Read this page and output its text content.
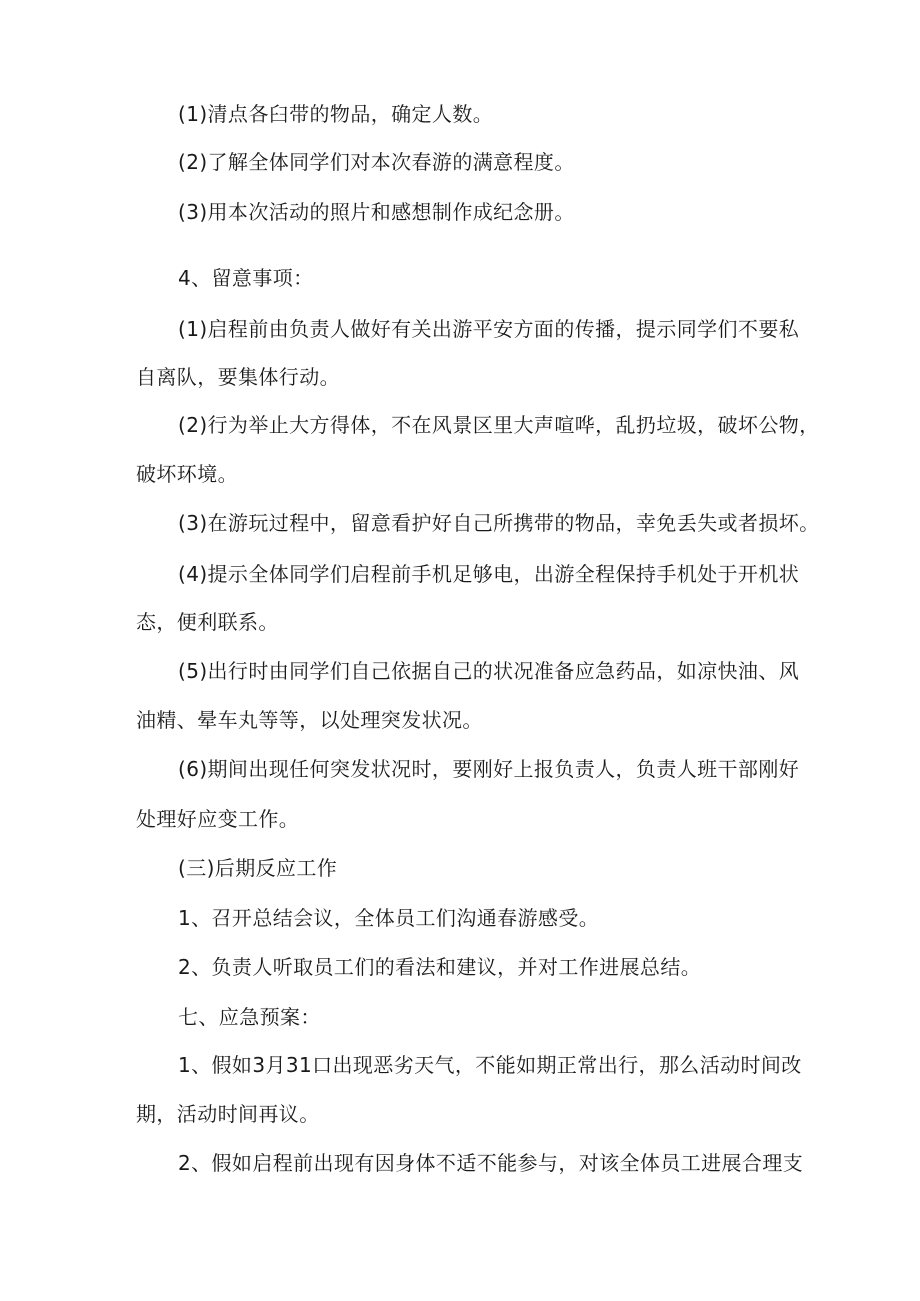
(1)清点各臼带的物品，确定人数。
(2)了解全体同学们对本次春游的满意程度。
(3)用本次活动的照片和感想制作成纪念册。
4、留意事项：
(1)启程前由负责人做好有关出游平安方面的传播，提示同学们不要私
自离队，要集体行动。
(2)行为举止大方得体，不在风景区里大声喧哗，乱扔垃圾，破坏公物，
破坏环境。
(3)在游玩过程中，留意看护好自己所携带的物品，幸免丢失或者损坏。
(4)提示全体同学们启程前手机足够电，出游全程保持手机处于开机状
态，便利联系。
(5)出行时由同学们自己依据自己的状况准备应急药品，如凉快油、风
油精、晕车丸等等，以处理突发状况。
(6)期间出现任何突发状况时，要刚好上报负责人，负责人班干部刚好
处理好应变工作。
(三)后期反应工作
1、召开总结会议，全体员工们沟通春游感受。
2、负责人听取员工们的看法和建议，并对工作进展总结。
七、应急预案：
1、假如3月31口出现恶劣天气，不能如期正常出行，那么活动时间改
期，活动时间再议。
2、假如启程前出现有因身体不适不能参与，对该全体员工进展合理支
